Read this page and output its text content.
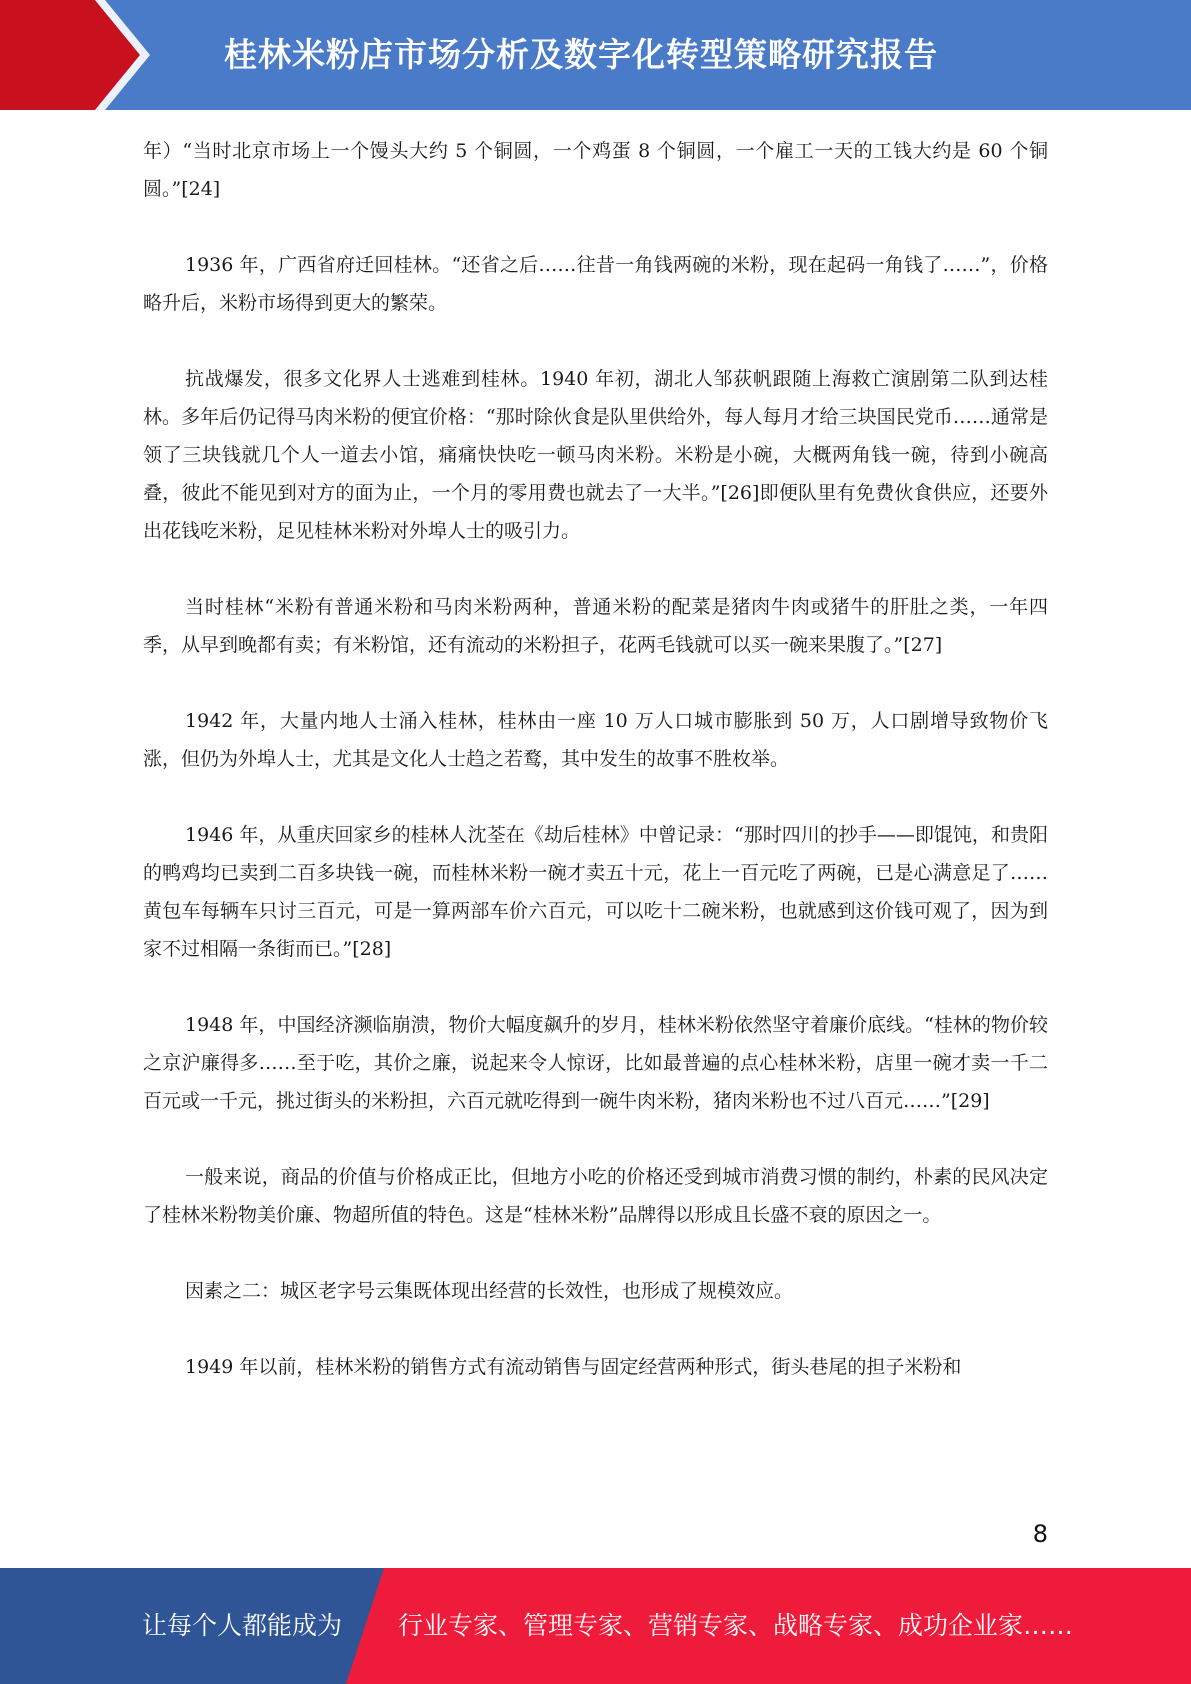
桂林米粉店市场分析及数字化转型策略研究报告

年）“当时北京市场上一个馒头大约 5 个铜圆，一个鸡蛋 8 个铜圆，一个雇工一天的工钱大约是 60 个铜圆。”[24]

1936 年，广西省府迁回桂林。“还省之后……往昔一角钱两碗的米粉，现在起码一角钱了……”，价格略升后，米粉市场得到更大的繁荣。

抗战爆发，很多文化界人士逃难到桂林。1940 年初，湖北人邹荻帆跟随上海救亡演剧第二队到达桂林。多年后仍记得马肉米粉的便宜价格：“那时除伙食是队里供给外，每人每月才给三块国民党币……通常是领了三块钱就几个人一道去小馆，痛痛快快吃一顿马肉米粉。米粉是小碗，大概两角钱一碗，待到小碗高叠，彼此不能见到对方的面为止，一个月的零用费也就去了一大半。”[26]即便队里有免费伙食供应，还要外出花钱吃米粉，足见桂林米粉对外埠人士的吸引力。

当时桂林“米粉有普通米粉和马肉米粉两种，普通米粉的配菜是猪肉牛肉或猪牛的肝肚之类，一年四季，从早到晚都有卖；有米粉馆，还有流动的米粉担子，花两毛钱就可以买一碗来果腹了。”[27]

1942 年，大量内地人士涌入桂林，桂林由一座 10 万人口城市膨胀到 50 万，人口剧增导致物价飞涨，但仍为外埠人士，尤其是文化人士趋之若鹜，其中发生的故事不胜枚举。

1946 年，从重庆回家乡的桂林人沈荃在《劫后桂林》中曾记录：“那时四川的抄手——即馄饨，和贵阳的鸭鸡均已卖到二百多块钱一碗，而桂林米粉一碗才卖五十元，花上一百元吃了两碗，已是心满意足了……黄包车每辆车只讨三百元，可是一算两部车价六百元，可以吃十二碗米粉，也就感到这价钱可观了，因为到家不过相隔一条街而已。”[28]

1948 年，中国经济濒临崩溃，物价大幅度飙升的岁月，桂林米粉依然坚守着廉价底线。“桂林的物价较之京沪廉得多……至于吃，其价之廉，说起来令人惊讶，比如最普遍的点心桂林米粉，店里一碗才卖一千二百元或一千元，挑过街头的米粉担，六百元就吃得到一碗牛肉米粉，猪肉米粉也不过八百元……”[29]

一般来说，商品的价值与价格成正比，但地方小吃的价格还受到城市消费习惯的制约，朴素的民风决定了桂林米粉物美价廉、物超所值的特色。这是“桂林米粉”品牌得以形成且长盛不衰的原因之一。

因素之二：城区老字号云集既体现出经营的长效性，也形成了规模效应。

1949 年以前，桂林米粉的销售方式有流动销售与固定经营两种形式，街头巷尾的担子米粉和

8
让每个人都能成为 行业专家、管理专家、营销专家、战略专家、成功企业家……
